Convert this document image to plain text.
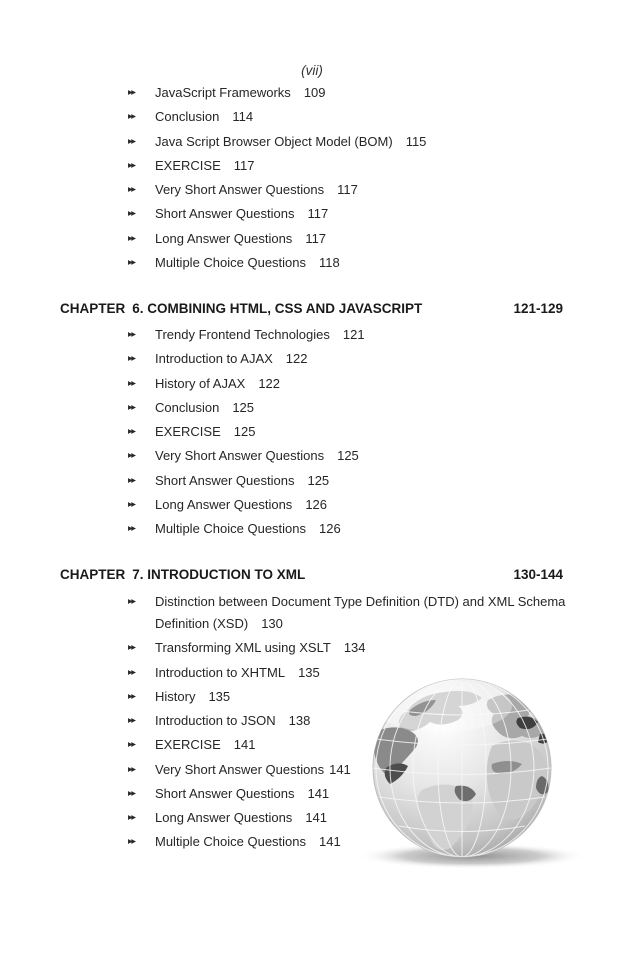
(vii)
▸▸ JavaScript Frameworks 109
▸▸ Conclusion 114
▸▸ Java Script Browser Object Model (BOM) 115
▸▸ EXERCISE 117
▸▸ Very Short Answer Questions 117
▸▸ Short Answer Questions 117
▸▸ Long Answer Questions 117
▸▸ Multiple Choice Questions 118
CHAPTER 6. COMBINING HTML, CSS AND JAVASCRIPT	121-129
▸▸ Trendy Frontend Technologies 121
▸▸ Introduction to AJAX 122
▸▸ History of AJAX 122
▸▸ Conclusion 125
▸▸ EXERCISE 125
▸▸ Very Short Answer Questions 125
▸▸ Short Answer Questions 125
▸▸ Long Answer Questions 126
▸▸ Multiple Choice Questions 126
CHAPTER 7. INTRODUCTION TO XML	130-144
▸▸ Distinction between Document Type Definition (DTD) and XML Schema Definition (XSD) 130
▸▸ Transforming XML using XSLT 134
▸▸ Introduction to XHTML 135
▸▸ History 135
▸▸ Introduction to JSON 138
▸▸ EXERCISE 141
▸▸ Very Short Answer Questions 141
▸▸ Short Answer Questions 141
▸▸ Long Answer Questions 141
▸▸ Multiple Choice Questions 141
